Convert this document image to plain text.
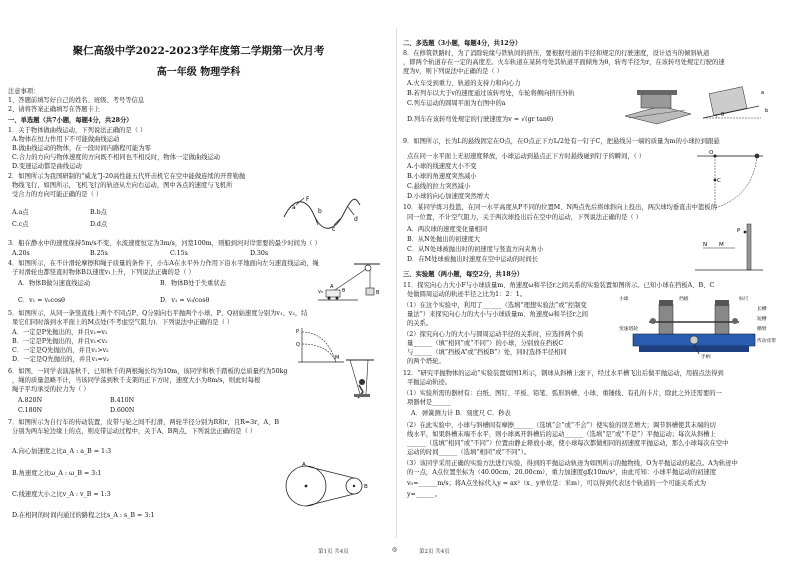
聚仁高级中学2022-2023学年度第二学期第一次月考
高一年级 物理学科
注意事项：
1、答题前填写好自己的姓名、班级、考号等信息
2、请将答案正确填写在答题卡上
一、单选题（共7小题，每题4分，共28分）
1．关于物体做曲线运动，下列说法正确的是（ ）
A.物体在恒力作用下不可能做曲线运动
B.做曲线运动的物体，在一段时间内路程可能为零
C.合力的方向与物体速度的方向既不相同也不相反时，物体一定做曲线运动
D.变速运动都是曲线运动
2．如图所示为我国研制的“威龙”J-20高性能五代歼击机它在空中能做连续的开普勒抛
物线飞行，如图所示，飞机飞行的轨迹从左向右运动，图中各点的速度与飞机所
受合力的方向可能正确的是（ ）
A.a点	B.b点
C.c点	D.d点
a
b
c
d
F
3．船在静水中的速度保持5m/s不变，水流速度恒定为3m/s，河宽100m，则船到河对岸需要的最少时间为（ ）
A.20s	B.25s	C.15s	D.30s
4．如图所示，在不计滑轮摩擦和绳子质量的条件下，小车A在水平外力作用下沿水平地面向左匀速直线运动，绳
子对滑轮也都竖直时物体B以速度v₁上升，下列说法正确的是（ ）
A．物体B做匀速直线运动	B．物体B处于失重状态
C．v₁ = v₀cosθ	D．v₁ = v₀/cosθ
A
B
v₀	θ
5．如图所示，从同一条竖直线上两个不同点P、Q分别向右平抛两个小球，P、Q初始速度分别为v₁、v₂，结
果它们同时落到水平面上的M点处(不考虑空气阻力)．下列说法中正确的是（ ）
A．一定是P先抛出的，并且v₁=v₂
B．一定是P先抛出的，并且v₁<v₂
C．一定是Q先抛出的，并且v₁>v₂
D．一定是Q先抛出的，并且v₁=v₂
P
Q
M
6．如图，一同学表演荡秋千，已知秋千的两根绳长均为10m，该同学和秋千踏板的总质量约为50kg
，绳的质量忽略不计，当该同学荡到秋千支架的正下方时，速度大小为8m/s，则此时每根
绳子平均承受的拉力为（ ）
A.820N	B.410N
C.180N	D.600N
7．如图所示为自行车的传动装置，皮带与轮之间不打滑，两轮半径分别为R和r，且R=3r，A、B
分别为两车轮边缘上的点，则皮带运动过程中，关于A、B两点，下列说法正确的是（ ）
A.向心加速度之比a_A : a_B = 1:3
B.角速度之比ω_A : ω_B = 3:1
C.线速度大小之比v_A : v_B = 1:3
D.在相同的时间内通过的路程之比s_A : s_B = 3:1
A
B
第1页 共4页
二、多选题（3小题，每题4分，共12分）
8．在修筑铁路时，为了消除轮缘与铁轨间的挤压，要根据弯道的半径和规定的行驶速度，设计适当的倾斜轨道
，即两个轨道存在一定的高度差。火车轨道在某转弯处其轨道平面倾角为θ，转弯半径为r，在该转弯处规定行驶的速
度为v，则下列说法中正确的是（ ）
A.火车受到重力、轨道的支持力和向心力
B.若列车以大于v的速度通过该转弯处，车轮将侧向挤压外轨
C.列车运动的圆周平面为右图中的a
D.列车在该转弯处规定的行驶速度为v = √(gr tanθ)
θ
a
b
9．如图所示，长为L的悬线固定在O点，在O点正下方L/2处有一钉子C，把悬线另一端的质量为m的小球拉到跟悬
点在同一水平面上无初速度释放，小球运动到悬点正下方时悬线碰到钉子的瞬间，（ ）
A.小球的线速度大小不变
B.小球的角速度突然减小
C.悬线的拉力突然减小
D.小球的向心加速度突然增大
O
C
10．某同学练习投篮，在同一水平高度从P不同的位置M、N两点先后将球斜向上投出，两次球均垂直击中篮板的
同一位置，不计空气阻力，关于两次球投出后在空中的运动，下列说法正确的是（ ）
A．两次球的速度变化量相同
B．从N处抛出的初速度大
C．从N处球被抛出时的初速度与竖直方向夹角小
D．在M处球被抛出时速度在空中运动的时间长
P
N M
三、实验题（两小题，每空2分，共18分）
11．探究向心力大小F与小球质量m、角速度ω和半径r之间关系的实验装置如图所示。已知小球在挡板A、B、C
处做圆周运动的轨迹半径之比为1：2：1。
（1）在这个实验中，利用了______（选填“理想实验法”或“控制变
量法”）来探究向心力的大小与小球质量m、角速度ω和半径r之间
的关系。
（2）探究向心力的大小与圆周运动半径的关系时，应选择两个质
量______（填“相同”或“不同”）的小球，分别放在挡板C
与______（填“挡板A”或“挡板B”）处，同时选择半径相同
的两个塔轮。
小球
变速塔轮
挡板	标尺
长槽
短槽
横臂
传动皮带
手柄
12．“研究平抛物体的运动”实验装置如图1所示，钢球从斜槽上滚下，经过水平槽飞出后做平抛运动，用描点法得到
平抛运动轨迹。
（1）实验所需的器材有：白纸、图钉、平板、铅笔、弧形斜槽、小球、重锤线、有孔的卡片，除此之外还需要的一
项器材是______
A．弹簧测力计 B．刻度尺 C．秒表
（2）在此实验中，小球与斜槽间有摩擦______（选填“会”或“不会”）使实验的误差增大；调节斜槽使其末端的切
线水平，如果斜槽末端不水平，则小球离开斜槽后的运动______（选填“是”或“不是”）平抛运动；每次从斜槽上
______（选填“相同”或“不同”）位置由静止释放小球，使小球每次都做相同的初速度平抛运动，那么小球每次在空中
运动的时间______（选填“相同”或“不同”）。
（3）该同学采用正确的实验方法进行实验，得到的平抛运动轨迹为如图所示的抛物线，O为平抛运动的起点。A为轨迹中
的一点，A点位置坐标为（40.00cm，20.00cm），重力加速度g取10m/s²，由此可知：小球平抛运动的初速度
v₀=______m/s；将A点坐标代入y = ax²（x、y单位是：米m），可以得到代表这个轨道的一个可能关系式为
y=______。
第2页 共4页
◎
